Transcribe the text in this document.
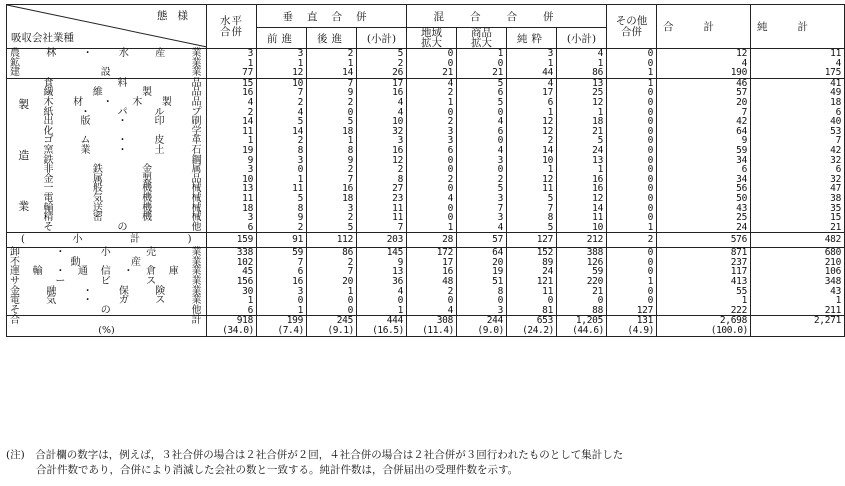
態様
吸収会社業種		水平合併	垂直合併			混合合併				その他合併	合計	純計
			前進	後進	(小計)	地域拡大	商品拡大	純粋	(小計)			
農林・水産業		3	3	2	5	0	1	3	4	0	12	11
鉱業		1	1	1	2	0	0	1	1	0	4	4
建設業		77	12	14	26	21	21	44	86	1	190	175

製
造
業	食料品	15	10	7	17	4	5	4	13	1	46	41
	繊維製品	16	7	9	16	2	6	17	25	0	57	49
	木材・木製品	4	2	2	4	1	5	6	12	0	20	18
	紙・パルプ	2	4	0	4	0	0	1	1	0	7	6
	出版・印刷	14	5	5	10	2	4	12	18	0	42	40
	化学	11	14	18	32	3	6	12	21	0	64	53
	ゴム・皮革	1	2	1	3	3	0	2	5	0	9	7
	窯業・土石	19	8	8	16	6	4	14	24	0	59	42
	鉄鋼	9	3	9	12	0	3	10	13	0	34	32
	非鉄金属	3	0	2	2	0	0	1	1	0	6	6
	金属製品	10	1	7	8	2	2	12	16	0	34	32
	一般機械	13	11	16	27	0	5	11	16	0	56	47
	電気機械	11	5	18	23	4	3	5	12	0	50	38
	輸送機械	18	8	3	11	0	7	7	14	0	43	35
	精密機械	3	9	2	11	0	3	8	11	0	25	15
	その他	6	2	5	7	1	4	5	10	1	24	21
(小計)		159	91	112	203	28	57	127	212	2	576	482
卸・小売業		338	59	86	145	172	64	152	388	0	871	680
不動産業		102	7	2	9	17	20	89	126	0	237	210
運輸・通信・倉庫業		45	6	7	13	16	19	24	59	0	117	106
サービス業		156	16	20	36	48	51	121	220	1	413	348
金融・保険業		30	3	1	4	2	8	11	21	0	55	43
電気・ガス業		1	0	0	0	0	0	0	0	0	1	1
その他		6	1	0	1	4	3	81	88	127	222	211
合計		918	199	245	444	308	244	653	1,205	131	2,698	2,271
(%)		(34.0)	(7.4)	(9.1)	(16.5)	(11.4)	(9.0)	(24.2)	(44.6)	(4.9)	(100.0)	
(注)　合計欄の数字は，例えば，３社合併の場合は２社合併が２回，４社合併の場合は２社合併が３回行われたものとして集計した
合計件数であり，合併により消滅した会社の数と一致する。純計件数は，合併届出の受理件数を示す。
